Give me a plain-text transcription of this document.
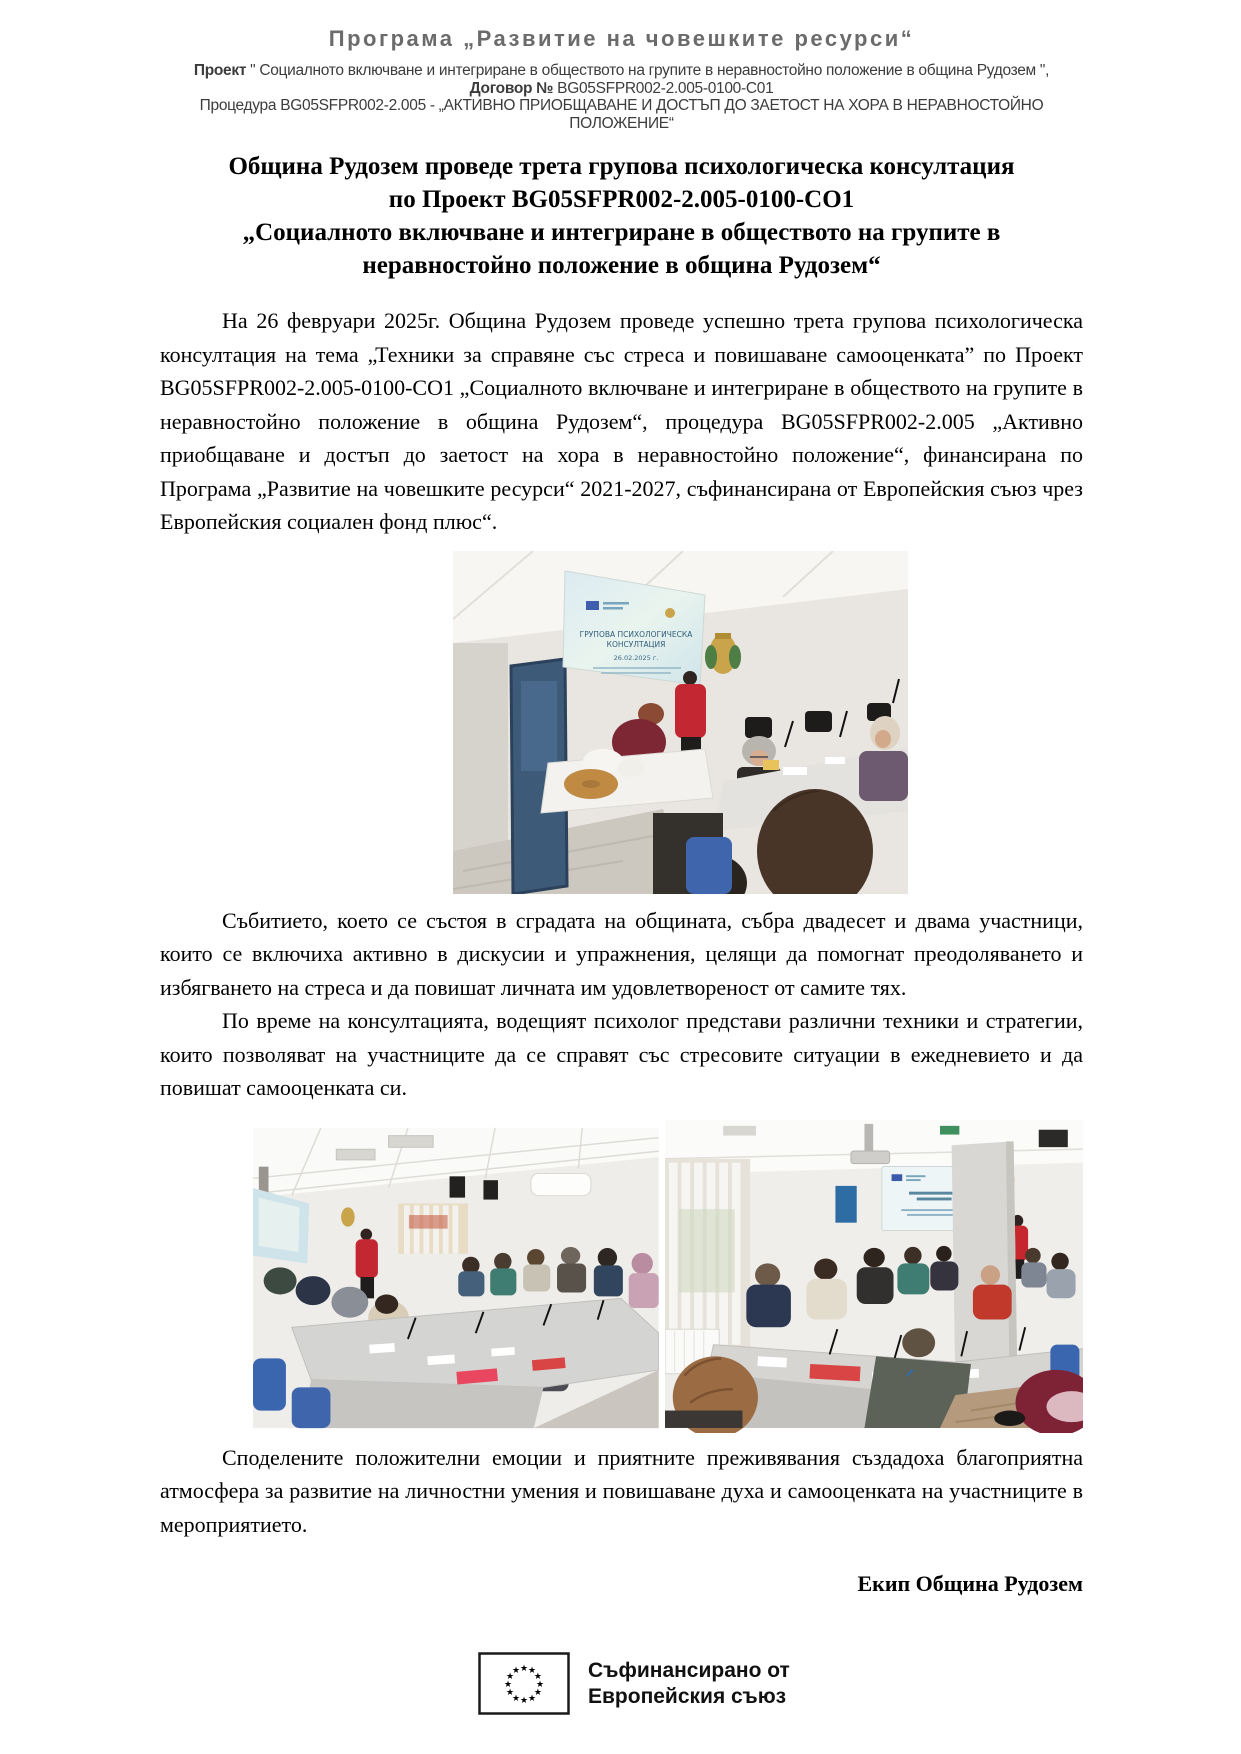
Програма „Развитие на човешките ресурси“
Проект " Социалното включване и интегриране в обществото на групите в неравностойно положение в община Рудозем ",
Договор № BG05SFPR002-2.005-0100-C01
Процедура BG05SFPR002-2.005 - „АКТИВНО ПРИОБЩАВАНЕ И ДОСТЪП ДО ЗАЕТОСТ НА ХОРА В НЕРАВНОСТОЙНО ПОЛОЖЕНИЕ“
Община Рудозем проведе трета групова психологическа консултация
по Проект BG05SFPR002-2.005-0100-CO1
„Социалното включване и интегриране в обществото на групите в
неравностойно положение в община Рудозем“

На 26 февруари 2025г. Община Рудозем проведе успешно трета групова психологическа консултация на тема „Техники за справяне със стреса и повишаване самооценката” по Проект BG05SFPR002-2.005-0100-CO1 „Социалното включване и интегриране в обществото на групите в неравностойно положение в община Рудозем“, процедура BG05SFPR002-2.005 „Активно приобщаване и достъп до заетост на хора в неравностойно положение“, финансирана по Програма „Развитие на човешките ресурси“ 2021-2027, съфинансирана от Европейския съюз чрез Европейския социален фонд плюс“.

ГРУПОВА ПСИХОЛОГИЧЕСКА
КОНСУЛТАЦИЯ
26.02.2025 г.

Събитието, което се състоя в сградата на общината, събра двадесет и двама участници, които се включиха активно в дискусии и упражнения, целящи да помогнат преодоляването и избягването на стреса и да повишат личната им удовлетвореност от самите тях.

По време на консултацията, водещият психолог представи различни техники и стратегии, които позволяват на участниците да се справят със стресовите ситуации в ежедневието и да повишат самооценката си.

Споделените положителни емоции и приятните преживявания създадоха благоприятна атмосфера за развитие на личностни умения и повишаване духа и самооценката на участниците в мероприятието.

Екип Община Рудозем
★ ★
★
★
★
★
★
★
★
★
★
★	Съфинансирано от
Европейския съюз
